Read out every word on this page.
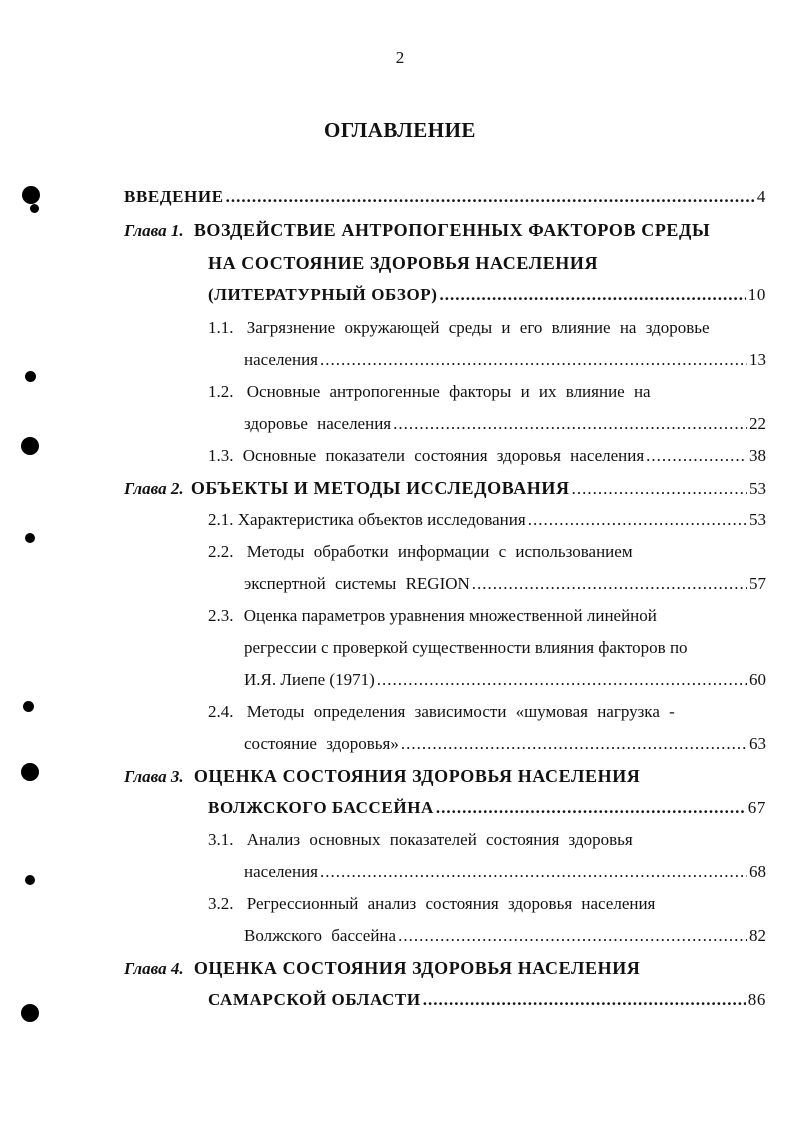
2
ОГЛАВЛЕНИЕ
ВВЕДЕНИЕ .....	4
Глава 1. ВОЗДЕЙСТВИЕ АНТРОПОГЕННЫХ ФАКТОРОВ СРЕДЫ
НА СОСТОЯНИЕ ЗДОРОВЬЯ НАСЕЛЕНИЯ
(ЛИТЕРАТУРНЫЙ ОБЗОР) .....	10
1.1. Загрязнение окружающей среды и его влияние на здоровье
населения .....	13
1.2. Основные антропогенные факторы и их влияние на
здоровье населения .....	22
1.3. Основные показатели состояния здоровья населения .....	38
Глава 2. ОБЪЕКТЫ И МЕТОДЫ ИССЛЕДОВАНИЯ .....	53
2.1. Характеристика объектов исследования .....	53
2.2. Методы обработки информации с использованием
экспертной системы REGION .....	57
2.3. Оценка параметров уравнения множественной линейной
регрессии с проверкой существенности влияния факторов по
И.Я. Лиепе (1971) .....	60
2.4. Методы определения зависимости «шумовая нагрузка -
состояние здоровья» .....	63
Глава 3. ОЦЕНКА СОСТОЯНИЯ ЗДОРОВЬЯ НАСЕЛЕНИЯ
ВОЛЖСКОГО БАССЕЙНА .....	67
3.1. Анализ основных показателей состояния здоровья
населения .....	68
3.2. Регрессионный анализ состояния здоровья населения
Волжского бассейна .....	82
Глава 4. ОЦЕНКА СОСТОЯНИЯ ЗДОРОВЬЯ НАСЕЛЕНИЯ
САМАРСКОЙ ОБЛАСТИ .....	86
